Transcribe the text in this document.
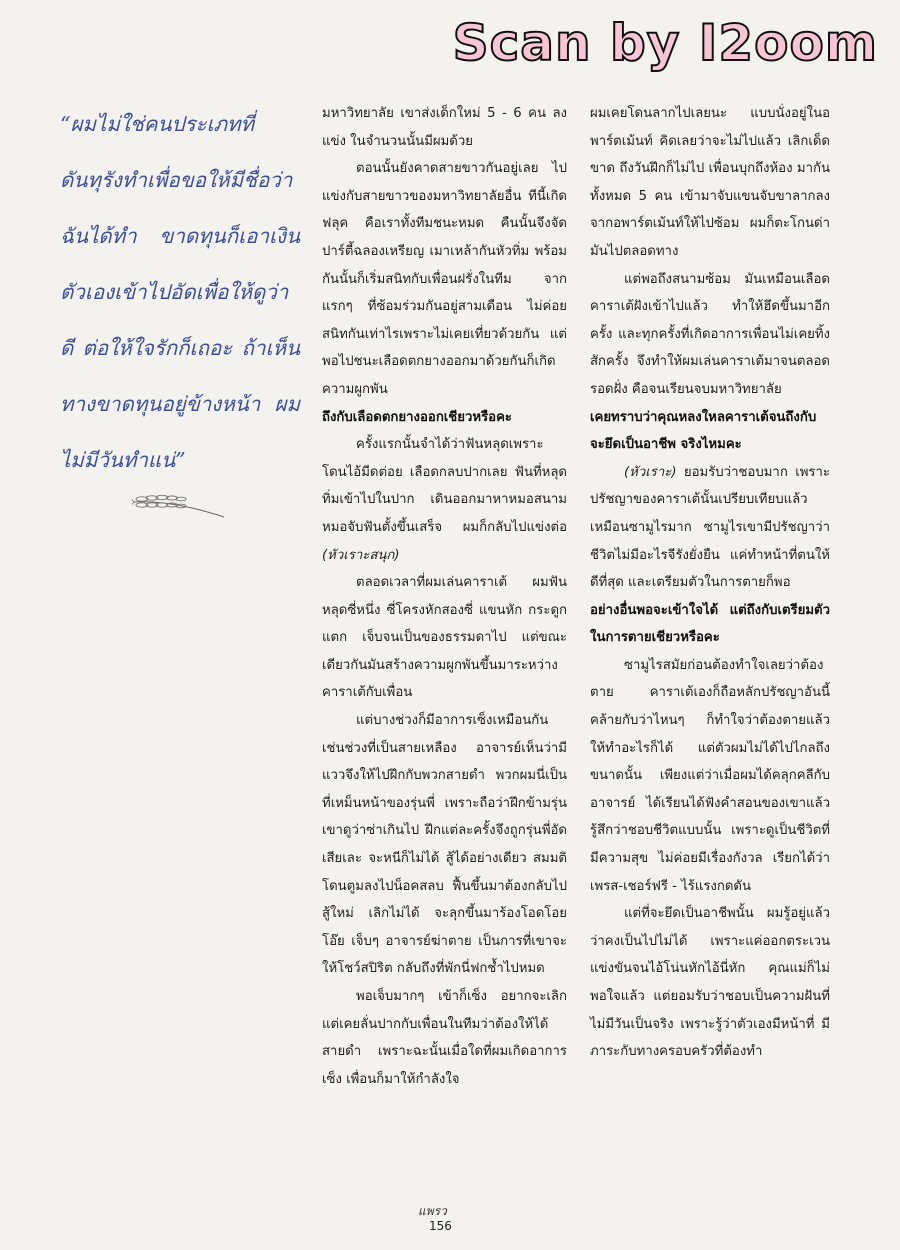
Scan by I2oom
“ผมไม่ใช่คนประเภทที่ดันทุรังทำเพื่อขอให้มีชื่อว่าฉันได้ทำ ขาดทุนก็เอาเงินตัวเองเข้าไปอัดเพื่อให้ดูว่าดี ต่อให้ใจรักก็เถอะ ถ้าเห็นทางขาดทุนอยู่ข้างหน้า ผมไม่มีวันทำแน่”

มหาวิทยาลัย เขาส่งเด็กใหม่ 5 - 6 คน ลงแข่ง ในจำนวนนั้นมีผมด้วย

ตอนนั้นยังคาดสายขาวกันอยู่เลย ไปแข่งกับสายขาวของมหาวิทยาลัยอื่น ทีนี้เกิดฟลุค คือเราทั้งทีมชนะหมด คืนนั้นจึงจัดปาร์ตี้ฉลองเหรียญ เมาเหล้ากันหัวทิ่ม พร้อมกันนั้นก็เริ่มสนิทกับเพื่อนฝรั่งในทีม จากแรกๆ ที่ซ้อมร่วมกันอยู่สามเดือน ไม่ค่อยสนิทกันเท่าไรเพราะไม่เคยเที่ยวด้วยกัน แต่พอไปชนะเลือดตกยางออกมาด้วยกันก็เกิดความผูกพัน

ถึงกับเลือดตกยางออกเชียวหรือคะ

ครั้งแรกนั้นจำได้ว่าฟันหลุดเพราะโดนไอ้มีดต่อย เลือดกลบปากเลย ฟันที่หลุดทิ่มเข้าไปในปาก เดินออกมาหาหมอสนาม หมอจับฟันตั้งขึ้นเสร็จ ผมก็กลับไปแข่งต่อ (หัวเราะสนุก)

ตลอดเวลาที่ผมเล่นคาราเต้ ผมฟันหลุดซี่หนึ่ง ซี่โครงหักสองซี่ แขนหัก กระดูกแตก เจ็บจนเป็นของธรรมดาไป แต่ขณะเดียวกันมันสร้างความผูกพันขึ้นมาระหว่างคาราเต้กับเพื่อน

แต่บางช่วงก็มีอาการเซ็งเหมือนกัน เช่นช่วงที่เป็นสายเหลือง อาจารย์เห็นว่ามีแววจึงให้ไปฝึกกับพวกสายดำ พวกผมนี่เป็นที่เหม็นหน้าของรุ่นพี่ เพราะถือว่าฝึกข้ามรุ่น เขาดูว่าซ่าเกินไป ฝึกแต่ละครั้งจึงถูกรุ่นพี่อัดเสียเละ จะหนีก็ไม่ได้ สู้ได้อย่างเดียว สมมติโดนตูมลงไปน็อคสลบ ฟื้นขึ้นมาต้องกลับไปสู้ใหม่ เลิกไม่ได้ จะลุกขึ้นมาร้องโอดโอยโอ๊ย เจ็บๆ อาจารย์ฆ่าตาย เป็นการที่เขาจะให้โชว์สปิริต กลับถึงที่พักนี่ฟกช้ำไปหมด

พอเจ็บมากๆ เข้าก็เซ็ง อยากจะเลิก แต่เคยลั่นปากกับเพื่อนในทีมว่าต้องให้ได้สายดำ เพราะฉะนั้นเมื่อใดที่ผมเกิดอาการเซ็ง เพื่อนก็มาให้กำลังใจ

ผมเคยโดนลากไปเลยนะ แบบนั่งอยู่ในอพาร์ตเม้นท์ คิดเลยว่าจะไม่ไปแล้ว เลิกเด็ดขาด ถึงวันฝึกก็ไม่ไป เพื่อนบุกถึงห้อง มากันทั้งหมด 5 คน เข้ามาจับแขนจับขาลากลงจากอพาร์ตเม้นท์ให้ไปซ้อม ผมก็ตะโกนด่ามันไปตลอดทาง

แต่พอถึงสนามซ้อม มันเหมือนเลือดคาราเต้ฝังเข้าไปแล้ว ทำให้ฮึดขึ้นมาอีกครั้ง และทุกครั้งที่เกิดอาการเพื่อนไม่เคยทิ้งสักครั้ง จึงทำให้ผมเล่นคาราเต้มาจนตลอดรอดฝั่ง คือจนเรียนจบมหาวิทยาลัย

เคยทราบว่าคุณหลงใหลคาราเต้จนถึงกับจะยึดเป็นอาชีพ จริงไหมคะ

(หัวเราะ) ยอมรับว่าชอบมาก เพราะปรัชญาของคาราเต้นั้นเปรียบเทียบแล้วเหมือนซามูไรมาก ซามูไรเขามีปรัชญาว่า ชีวิตไม่มีอะไรจีรังยั่งยืน แค่ทำหน้าที่ตนให้ดีที่สุด และเตรียมตัวในการตายก็พอ

อย่างอื่นพอจะเข้าใจได้ แต่ถึงกับเตรียมตัวในการตายเชียวหรือคะ

ซามูไรสมัยก่อนต้องทำใจเลยว่าต้องตาย คาราเต้เองก็ถือหลักปรัชญาอันนี้ คล้ายกับว่าไหนๆ ก็ทำใจว่าต้องตายแล้ว ให้ทำอะไรก็ได้ แต่ตัวผมไม่ได้ไปไกลถึงขนาดนั้น เพียงแต่ว่าเมื่อผมได้คลุกคลีกับอาจารย์ ได้เรียนได้ฟังคำสอนของเขาแล้วรู้สึกว่าชอบชีวิตแบบนั้น เพราะดูเป็นชีวิตที่มีความสุข ไม่ค่อยมีเรื่องกังวล เรียกได้ว่าเพรส-เชอร์ฟรี - ไร้แรงกดดัน

แต่ที่จะยึดเป็นอาชีพนั้น ผมรู้อยู่แล้วว่าคงเป็นไปไม่ได้ เพราะแค่ออกตระเวนแข่งขันจนไอ้โน่นหักไอ้นี่หัก คุณแม่ก็ไม่พอใจแล้ว แต่ยอมรับว่าชอบเป็นความฝันที่ไม่มีวันเป็นจริง เพราะรู้ว่าตัวเองมีหน้าที่ มีภาระกับทางครอบครัวที่ต้องทำ

แพรว
156
